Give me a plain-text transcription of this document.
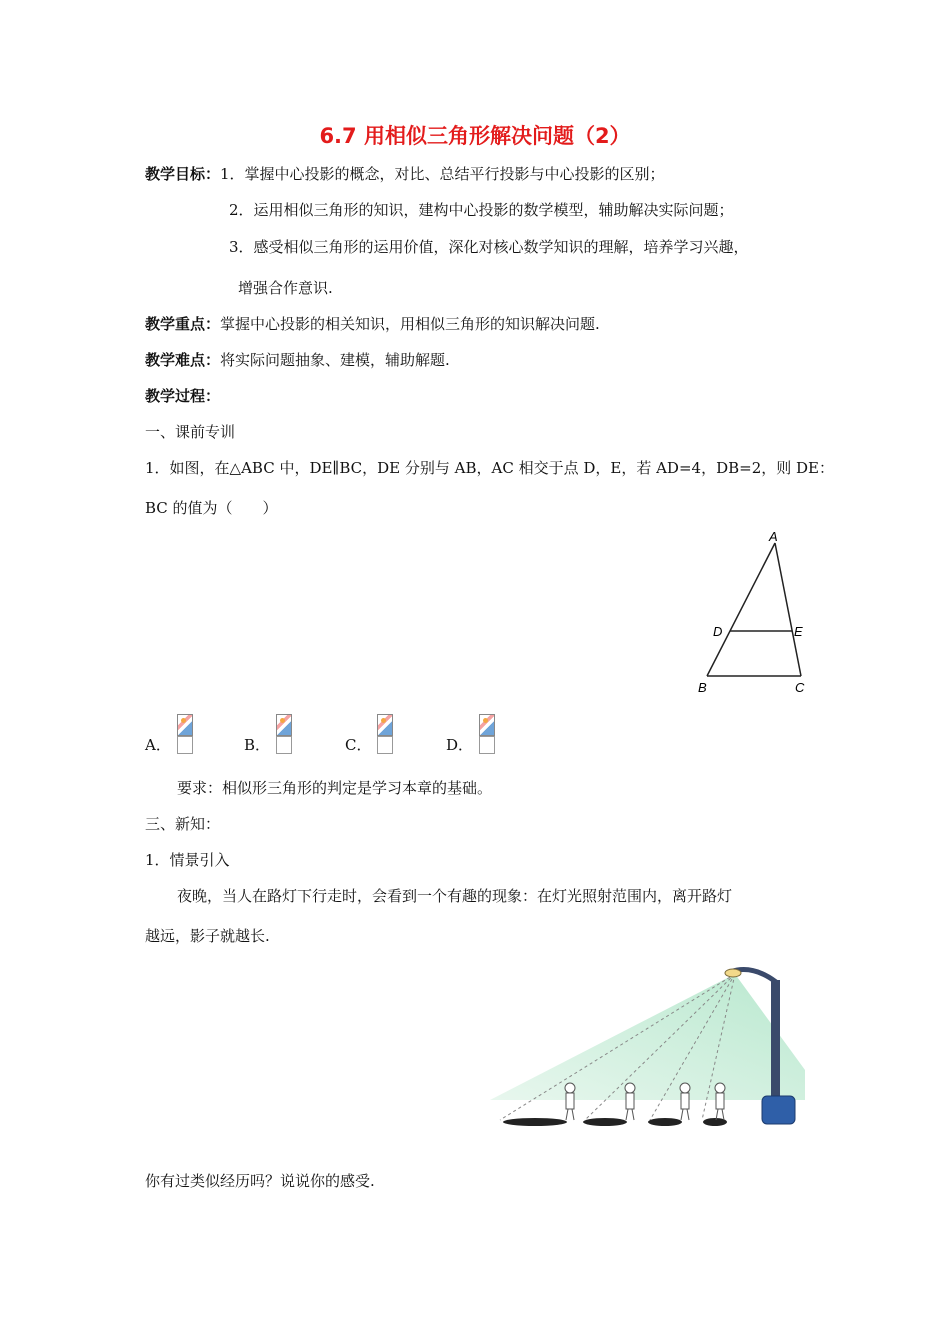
6.7 用相似三角形解决问题（2）
教学目标：1．掌握中心投影的概念，对比、总结平行投影与中心投影的区别；
2．运用相似三角形的知识，建构中心投影的数学模型，辅助解决实际问题；
3．感受相似三角形的运用价值，深化对核心数学知识的理解，培养学习兴趣，
增强合作意识.
教学重点：掌握中心投影的相关知识，用相似三角形的知识解决问题.
教学难点：将实际问题抽象、建模，辅助解题.
教学过程：
一、课前专训
1．如图，在△ABC 中，DE∥BC，DE 分别与 AB，AC 相交于点 D，E，若 AD=4，DB=2，则 DE：
BC 的值为（　　）
A
D	E
B	C
A．	B．	C．	D．
要求：相似形三角形的判定是学习本章的基础。
三、新知：
1．情景引入
夜晚，当人在路灯下行走时，会看到一个有趣的现象：在灯光照射范围内，离开路灯
越远，影子就越长.
你有过类似经历吗？说说你的感受.
